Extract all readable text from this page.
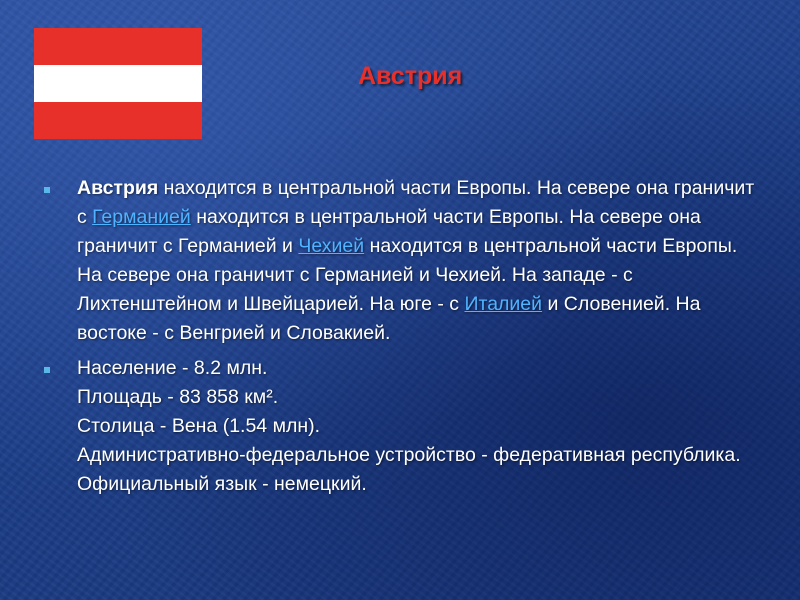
Австрия
Австрия находится в центральной части Европы. На севере она граничит с Германией находится в центральной части Европы. На севере она граничит с Германией и Чехией находится в центральной части Европы. На севере она граничит с Германией и Чехией. На западе - с Лихтенштейном и Швейцарией. На юге - с Италией и Словенией. На востоке - с Венгрией и Словакией.
Население - 8.2 млн.
Площадь - 83 858 км².
Столица - Вена (1.54 млн).
Административно-федеральное устройство - федеративная республика.
Официальный язык - немецкий.
